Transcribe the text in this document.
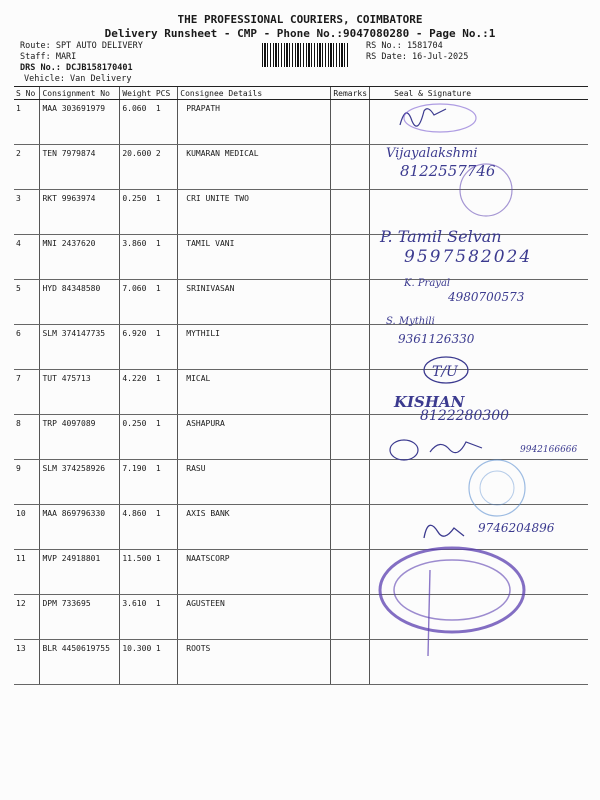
THE PROFESSIONAL COURIERS, COIMBATORE
Delivery Runsheet - CMP - Phone No.:9047080280 - Page No.:1
Route: SPT AUTO DELIVERY
Staff: MARI
DRS No.: DCJB158170401
Vehicle: Van Delivery
RS No.: 1581704
RS Date: 16-Jul-2025
S No	Consignment No	Weight	PCS	Consignee Details	Remarks	Seal & Signature
1	MAA 303691979	6.060	1	PRAPATH		
2	TEN 7979874	20.600	2	KUMARAN MEDICAL		
3	RKT 9963974	0.250	1	CRI UNITE TWO		
4	MNI 2437620	3.860	1	TAMIL VANI		
5	HYD 84348580	7.060	1	SRINIVASAN		
6	SLM 374147735	6.920	1	MYTHILI		
7	TUT 475713	4.220	1	MICAL		
8	TRP 4097089	0.250	1	ASHAPURA		
9	SLM 374258926	7.190	1	RASU		
10	MAA 869796330	4.860	1	AXIS BANK		
11	MVP 24918801	11.500	1	NAATSCORP		
12	DPM 733695	3.610	1	AGUSTEEN		
13	BLR 4450619755	10.300	1	ROOTS		
Vijayalakshmi
8122557746
P. Tamil Selvan
9597582024
K. Prayal
4980700573
S. Mythili
9361126330
T/U
KISHAN
8122280300
9942166666
9746204896
